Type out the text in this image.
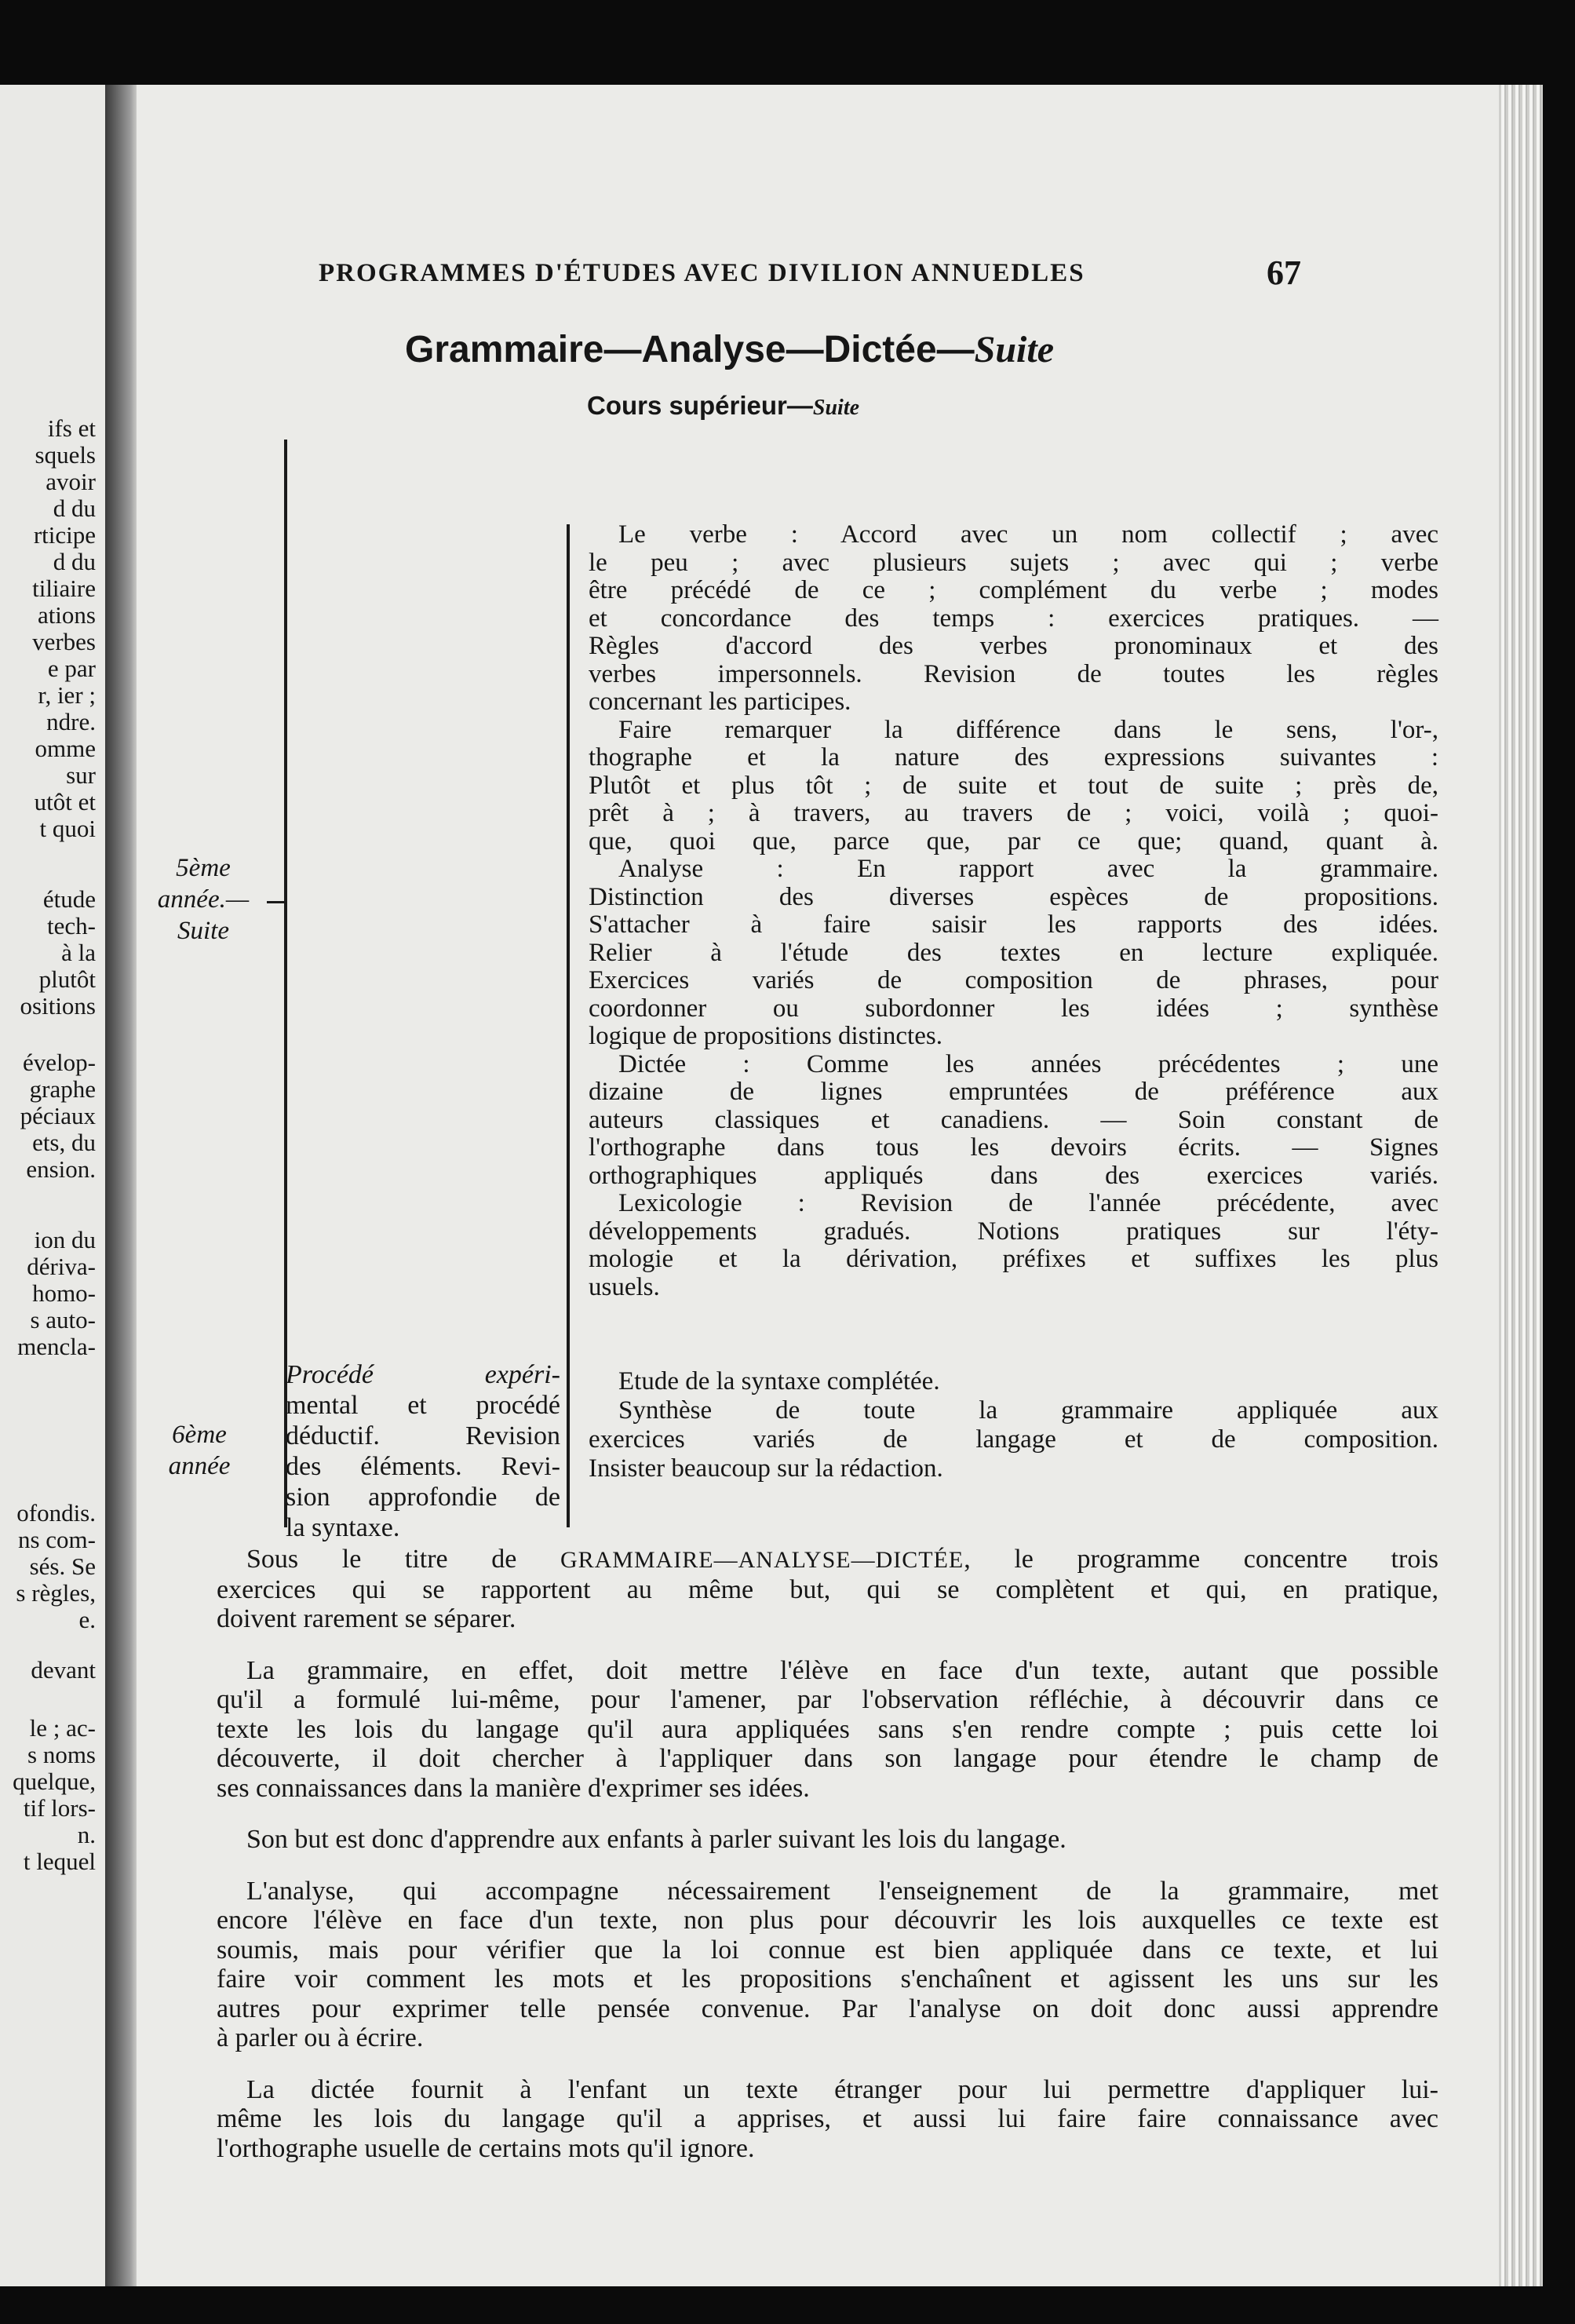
ifs et
squels
avoir
d du
rticipe
d du
tiliaire
ations
verbes
e par
r, ier ;
ndre.
omme
sur
utôt et
t quoi
étude
tech-
à la
plutôt
ositions
évelop-
graphe
péciaux
ets, du
ension.
ion du
dériva-
homo-
s auto-
mencla-
ofondis.
ns com-
sés. Se
s règles,
e.
devant
le ; ac-
s noms
quelque,
tif lors-
n.
t lequel
PROGRAMMES D'ÉTUDES AVEC DIVILION ANNUEDLES	67
Grammaire—Analyse—Dictée—Suite
Cours supérieur—Suite
5ème
année.—
Suite
6ème
année
Procédé expéri-
mental et procédé
déductif. Revision
des éléments. Revi-
sion approfondie de
la syntaxe.
Le verbe : Accord avec un nom collectif ; avec
le peu ; avec plusieurs sujets ; avec qui ; verbe
être précédé de ce ; complément du verbe ; modes
et concordance des temps : exercices pratiques. —
Règles d'accord des verbes pronominaux et des
verbes impersonnels. Revision de toutes les règles
concernant les participes.
Faire remarquer la différence dans le sens, l'or-,
thographe et la nature des expressions suivantes :
Plutôt et plus tôt ; de suite et tout de suite ; près de,
prêt à ; à travers, au travers de ; voici, voilà ; quoi-
que, quoi que, parce que, par ce que; quand, quant à.
Analyse : En rapport avec la grammaire.
Distinction des diverses espèces de propositions.
S'attacher à faire saisir les rapports des idées.
Relier à l'étude des textes en lecture expliquée.
Exercices variés de composition de phrases, pour
coordonner ou subordonner les idées ; synthèse
logique de propositions distinctes.
Dictée : Comme les années précédentes ; une
dizaine de lignes empruntées de préférence aux
auteurs classiques et canadiens. — Soin constant de
l'orthographe dans tous les devoirs écrits. — Signes
orthographiques appliqués dans des exercices variés.
Lexicologie : Revision de l'année précédente, avec
développements gradués. Notions pratiques sur l'éty-
mologie et la dérivation, préfixes et suffixes les plus
usuels.
Etude de la syntaxe complétée.
Synthèse de toute la grammaire appliquée aux
exercices variés de langage et de composition.
Insister beaucoup sur la rédaction.

Sous le titre de GRAMMAIRE—ANALYSE—DICTÉE, le programme concentre trois
exercices qui se rapportent au même but, qui se complètent et qui, en pratique,
doivent rarement se séparer.

La grammaire, en effet, doit mettre l'élève en face d'un texte, autant que possible
qu'il a formulé lui-même, pour l'amener, par l'observation réfléchie, à découvrir dans ce
texte les lois du langage qu'il aura appliquées sans s'en rendre compte ; puis cette loi
découverte, il doit chercher à l'appliquer dans son langage pour étendre le champ de
ses connaissances dans la manière d'exprimer ses idées.

Son but est donc d'apprendre aux enfants à parler suivant les lois du langage.

L'analyse, qui accompagne nécessairement l'enseignement de la grammaire, met
encore l'élève en face d'un texte, non plus pour découvrir les lois auxquelles ce texte est
soumis, mais pour vérifier que la loi connue est bien appliquée dans ce texte, et lui
faire voir comment les mots et les propositions s'enchaînent et agissent les uns sur les
autres pour exprimer telle pensée convenue. Par l'analyse on doit donc aussi apprendre
à parler ou à écrire.

La dictée fournit à l'enfant un texte étranger pour lui permettre d'appliquer lui-
même les lois du langage qu'il a apprises, et aussi lui faire faire connaissance avec
l'orthographe usuelle de certains mots qu'il ignore.
